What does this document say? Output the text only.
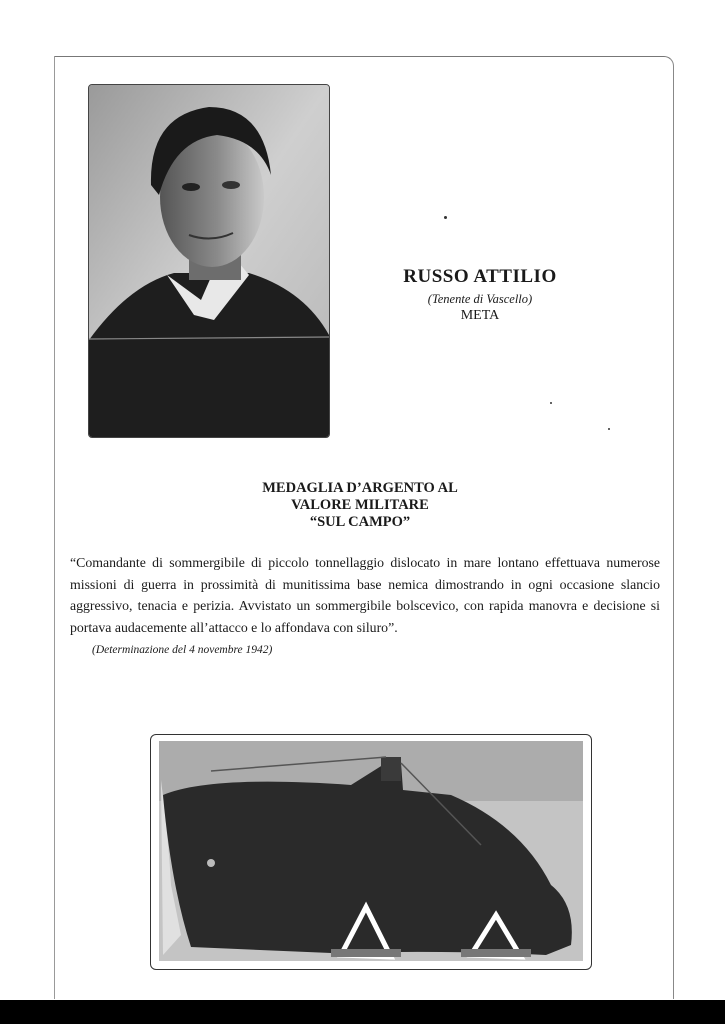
RUSSO ATTILIO
(Tenente di Vascello)
META
MEDAGLIA D’ARGENTO AL
VALORE MILITARE
“SUL CAMPO”
“Comandante di sommergibile di piccolo tonnellaggio dislocato in mare lontano effettuava numerose missioni di guerra in prossimità di munitissima base nemica dimostrando in ogni occasione slancio aggressivo, tenacia e perizia. Avvistato un sommergibile bolscevico, con rapida manovra e decisione si portava audacemente all’attacco e lo affondava con siluro”.
(Determinazione del 4 novembre 1942)
